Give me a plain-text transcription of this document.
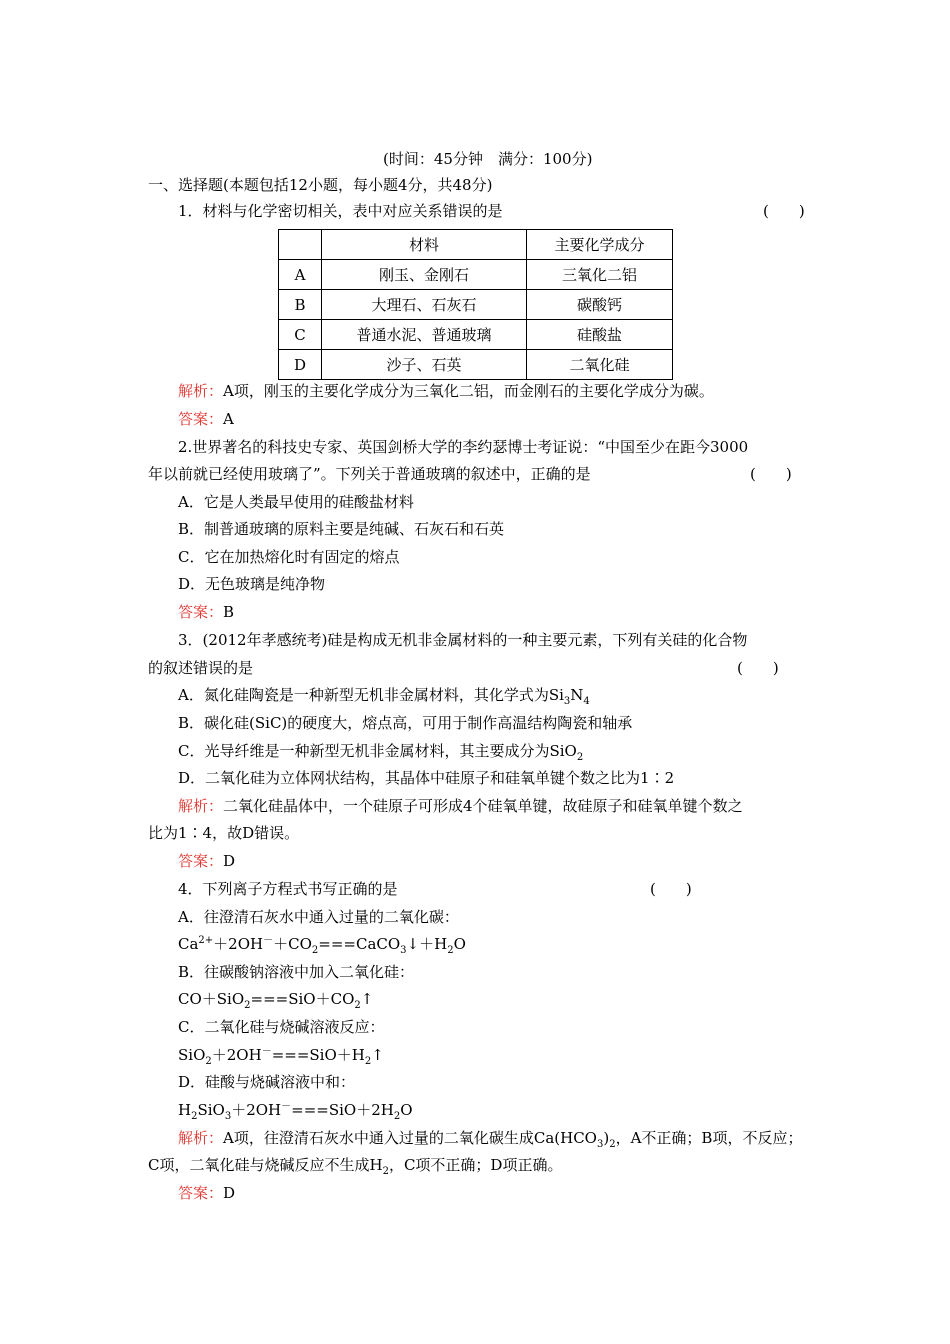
(时间：45分钟　满分：100分)
一、选择题(本题包括12小题，每小题4分，共48分)
1．材料与化学密切相关，表中对应关系错误的是	(　　)
	材料	主要化学成分
A	刚玉、金刚石	三氧化二铝
B	大理石、石灰石	碳酸钙
C	普通水泥、普通玻璃	硅酸盐
D	沙子、石英	二氧化硅
解析：A项，刚玉的主要化学成分为三氧化二铝，而金刚石的主要化学成分为碳。
答案：A
2.世界著名的科技史专家、英国剑桥大学的李约瑟博士考证说：“中国至少在距今3000
年以前就已经使用玻璃了”。下列关于普通玻璃的叙述中，正确的是	(　　)
A．它是人类最早使用的硅酸盐材料
B．制普通玻璃的原料主要是纯碱、石灰石和石英
C．它在加热熔化时有固定的熔点
D．无色玻璃是纯净物
答案：B
3．(2012年孝感统考)硅是构成无机非金属材料的一种主要元素，下列有关硅的化合物
的叙述错误的是	(　　)
A．氮化硅陶瓷是一种新型无机非金属材料，其化学式为$Si_3N_4$
B．碳化硅(SiC)的硬度大，熔点高，可用于制作高温结构陶瓷和轴承
C．光导纤维是一种新型无机非金属材料，其主要成分为SiO$_2$
D．二氧化硅为立体网状结构，其晶体中硅原子和硅氧单键个数之比为1∶2
解析：二氧化硅晶体中，一个硅原子可形成4个硅氧单键，故硅原子和硅氧单键个数之
比为1∶4，故D错误。
答案：D
4．下列离子方程式书写正确的是	(　　)
A．往澄清石灰水中通入过量的二氧化碳：
$Ca^{2+}+2OH^-+CO_2===CaCO_3↓+H_2O$
B．往碳酸钠溶液中加入二氧化硅：
$CO+SiO_2===SiO+CO_2↑$
C．二氧化硅与烧碱溶液反应：
$SiO_2+2OH^-===SiO+H_2↑$
D．硅酸与烧碱溶液中和：
$H_2SiO_3+2OH^-===SiO+2H_2O$
解析：A项，往澄清石灰水中通入过量的二氧化碳生成$Ca(HCO_3)_2$，A不正确；B项，不反应；
C项，二氧化硅与烧碱反应不生成$H_2$，C项不正确；D项正确。
答案：D
